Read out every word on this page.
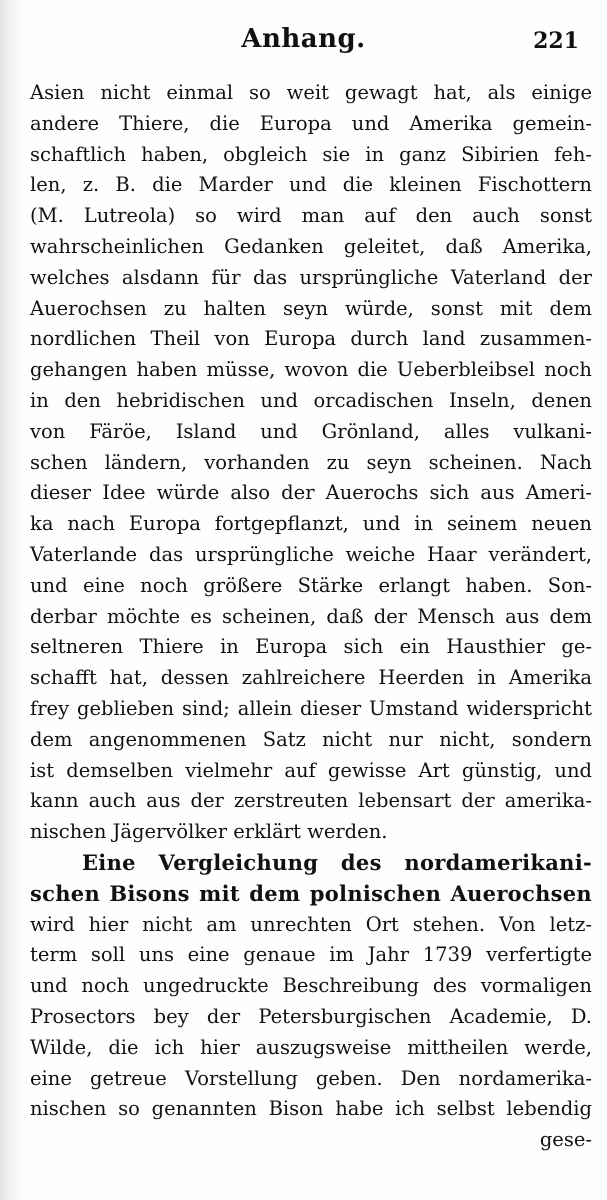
Anhang.	221
Asien nicht einmal so weit gewagt hat, als einige
andere Thiere, die Europa und Amerika gemein-
schaftlich haben, obgleich sie in ganz Sibirien feh-
len, z. B. die Marder und die kleinen Fischottern
(M. Lutreola) so wird man auf den auch sonst
wahrscheinlichen Gedanken geleitet, daß Amerika,
welches alsdann für das ursprüngliche Vaterland der
Auerochsen zu halten seyn würde, sonst mit dem
nordlichen Theil von Europa durch land zusammen-
gehangen haben müsse, wovon die Ueberbleibsel noch
in den hebridischen und orcadischen Inseln, denen
von Färöe, Island und Grönland, alles vulkani-
schen ländern, vorhanden zu seyn scheinen. Nach
dieser Idee würde also der Auerochs sich aus Ameri-
ka nach Europa fortgepflanzt, und in seinem neuen
Vaterlande das ursprüngliche weiche Haar verändert,
und eine noch größere Stärke erlangt haben. Son-
derbar möchte es scheinen, daß der Mensch aus dem
seltneren Thiere in Europa sich ein Hausthier ge-
schafft hat, dessen zahlreichere Heerden in Amerika
frey geblieben sind; allein dieser Umstand widerspricht
dem angenommenen Satz nicht nur nicht, sondern
ist demselben vielmehr auf gewisse Art günstig, und
kann auch aus der zerstreuten lebensart der amerika-
nischen Jägervölker erklärt werden.
Eine Vergleichung des nordamerikani-
schen Bisons mit dem polnischen Auerochsen
wird hier nicht am unrechten Ort stehen. Von letz-
term soll uns eine genaue im Jahr 1739 verfertigte
und noch ungedruckte Beschreibung des vormaligen
Prosectors bey der Petersburgischen Academie, D.
Wilde, die ich hier auszugsweise mittheilen werde,
eine getreue Vorstellung geben. Den nordamerika-
nischen so genannten Bison habe ich selbst lebendig
gese-
